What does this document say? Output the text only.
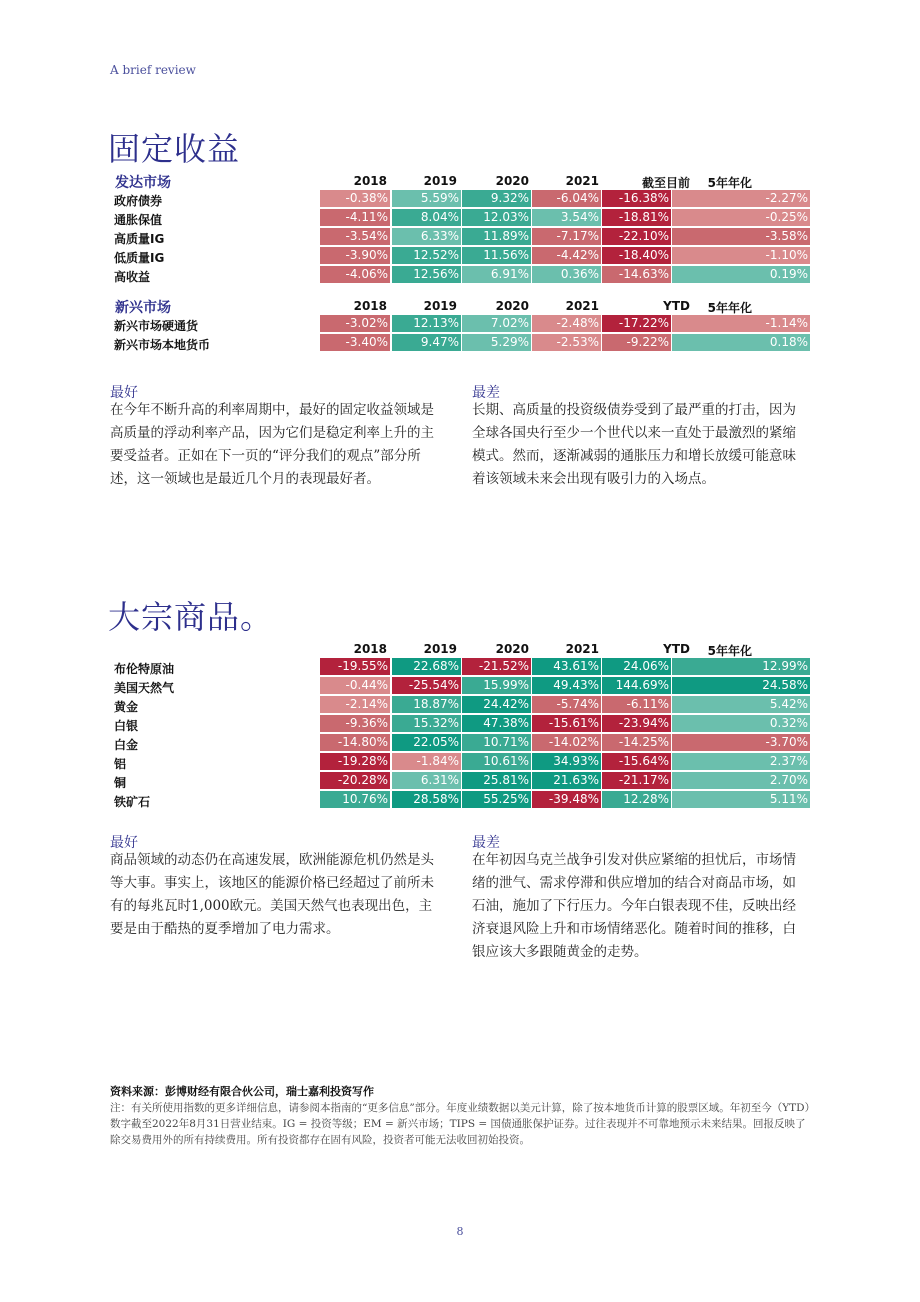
A brief review
固定收益
发达市场	2018	2019	2020	2021	截至目前 5年年化
政府债券	-0.38%	5.59%	9.32%	-6.04%	-16.38%	-2.27%
通胀保值	-4.11%	8.04%	12.03%	3.54%	-18.81%	-0.25%
高质量IG	-3.54%	6.33%	11.89%	-7.17%	-22.10%	-3.58%
低质量IG	-3.90%	12.52%	11.56%	-4.42%	-18.40%	-1.10%
高收益	-4.06%	12.56%	6.91%	0.36%	-14.63%	0.19%
新兴市场	2018	2019	2020	2021	YTD 5年年化
新兴市场硬通货	-3.02%	12.13%	7.02%	-2.48%	-17.22%	-1.14%
新兴市场本地货币	-3.40%	9.47%	5.29%	-2.53%	-9.22%	0.18%
最好
在今年不断升高的利率周期中，最好的固定收益领域是高质量的浮动利率产品，因为它们是稳定利率上升的主要受益者。正如在下一页的“评分我们的观点”部分所述，这一领域也是最近几个月的表现最好者。
最差
长期、高质量的投资级债券受到了最严重的打击，因为全球各国央行至少一个世代以来一直处于最激烈的紧缩模式。然而，逐渐减弱的通胀压力和增长放缓可能意味着该领域未来会出现有吸引力的入场点。
大宗商品。
2018	2019	2020	2021	YTD 5年年化
布伦特原油	-19.55%	22.68%	-21.52%	43.61%	24.06%	12.99%
美国天然气	-0.44%	-25.54%	15.99%	49.43%	144.69%	24.58%
黄金	-2.14%	18.87%	24.42%	-5.74%	-6.11%	5.42%
白银	-9.36%	15.32%	47.38%	-15.61%	-23.94%	0.32%
白金	-14.80%	22.05%	10.71%	-14.02%	-14.25%	-3.70%
铝	-19.28%	-1.84%	10.61%	34.93%	-15.64%	2.37%
铜	-20.28%	6.31%	25.81%	21.63%	-21.17%	2.70%
铁矿石	10.76%	28.58%	55.25%	-39.48%	12.28%	5.11%
最好
商品领域的动态仍在高速发展，欧洲能源危机仍然是头等大事。事实上，该地区的能源价格已经超过了前所未有的每兆瓦时1,000欧元。美国天然气也表现出色，主要是由于酷热的夏季增加了电力需求。
最差
在年初因乌克兰战争引发对供应紧缩的担忧后，市场情绪的泄气、需求停滞和供应增加的结合对商品市场，如石油，施加了下行压力。今年白银表现不佳，反映出经济衰退风险上升和市场情绪恶化。随着时间的推移，白银应该大多跟随黄金的走势。
资料来源：彭博财经有限合伙公司，瑞士嘉利投资写作
注：有关所使用指数的更多详细信息，请参阅本指南的“更多信息”部分。年度业绩数据以美元计算，除了按本地货币计算的股票区域。年初至今（YTD）数字截至2022年8月31日营业结束。IG = 投资等级；EM = 新兴市场；TIPS = 国债通胀保护证券。过往表现并不可靠地预示未来结果。回报反映了除交易费用外的所有持续费用。所有投资都存在固有风险，投资者可能无法收回初始投资。
8
